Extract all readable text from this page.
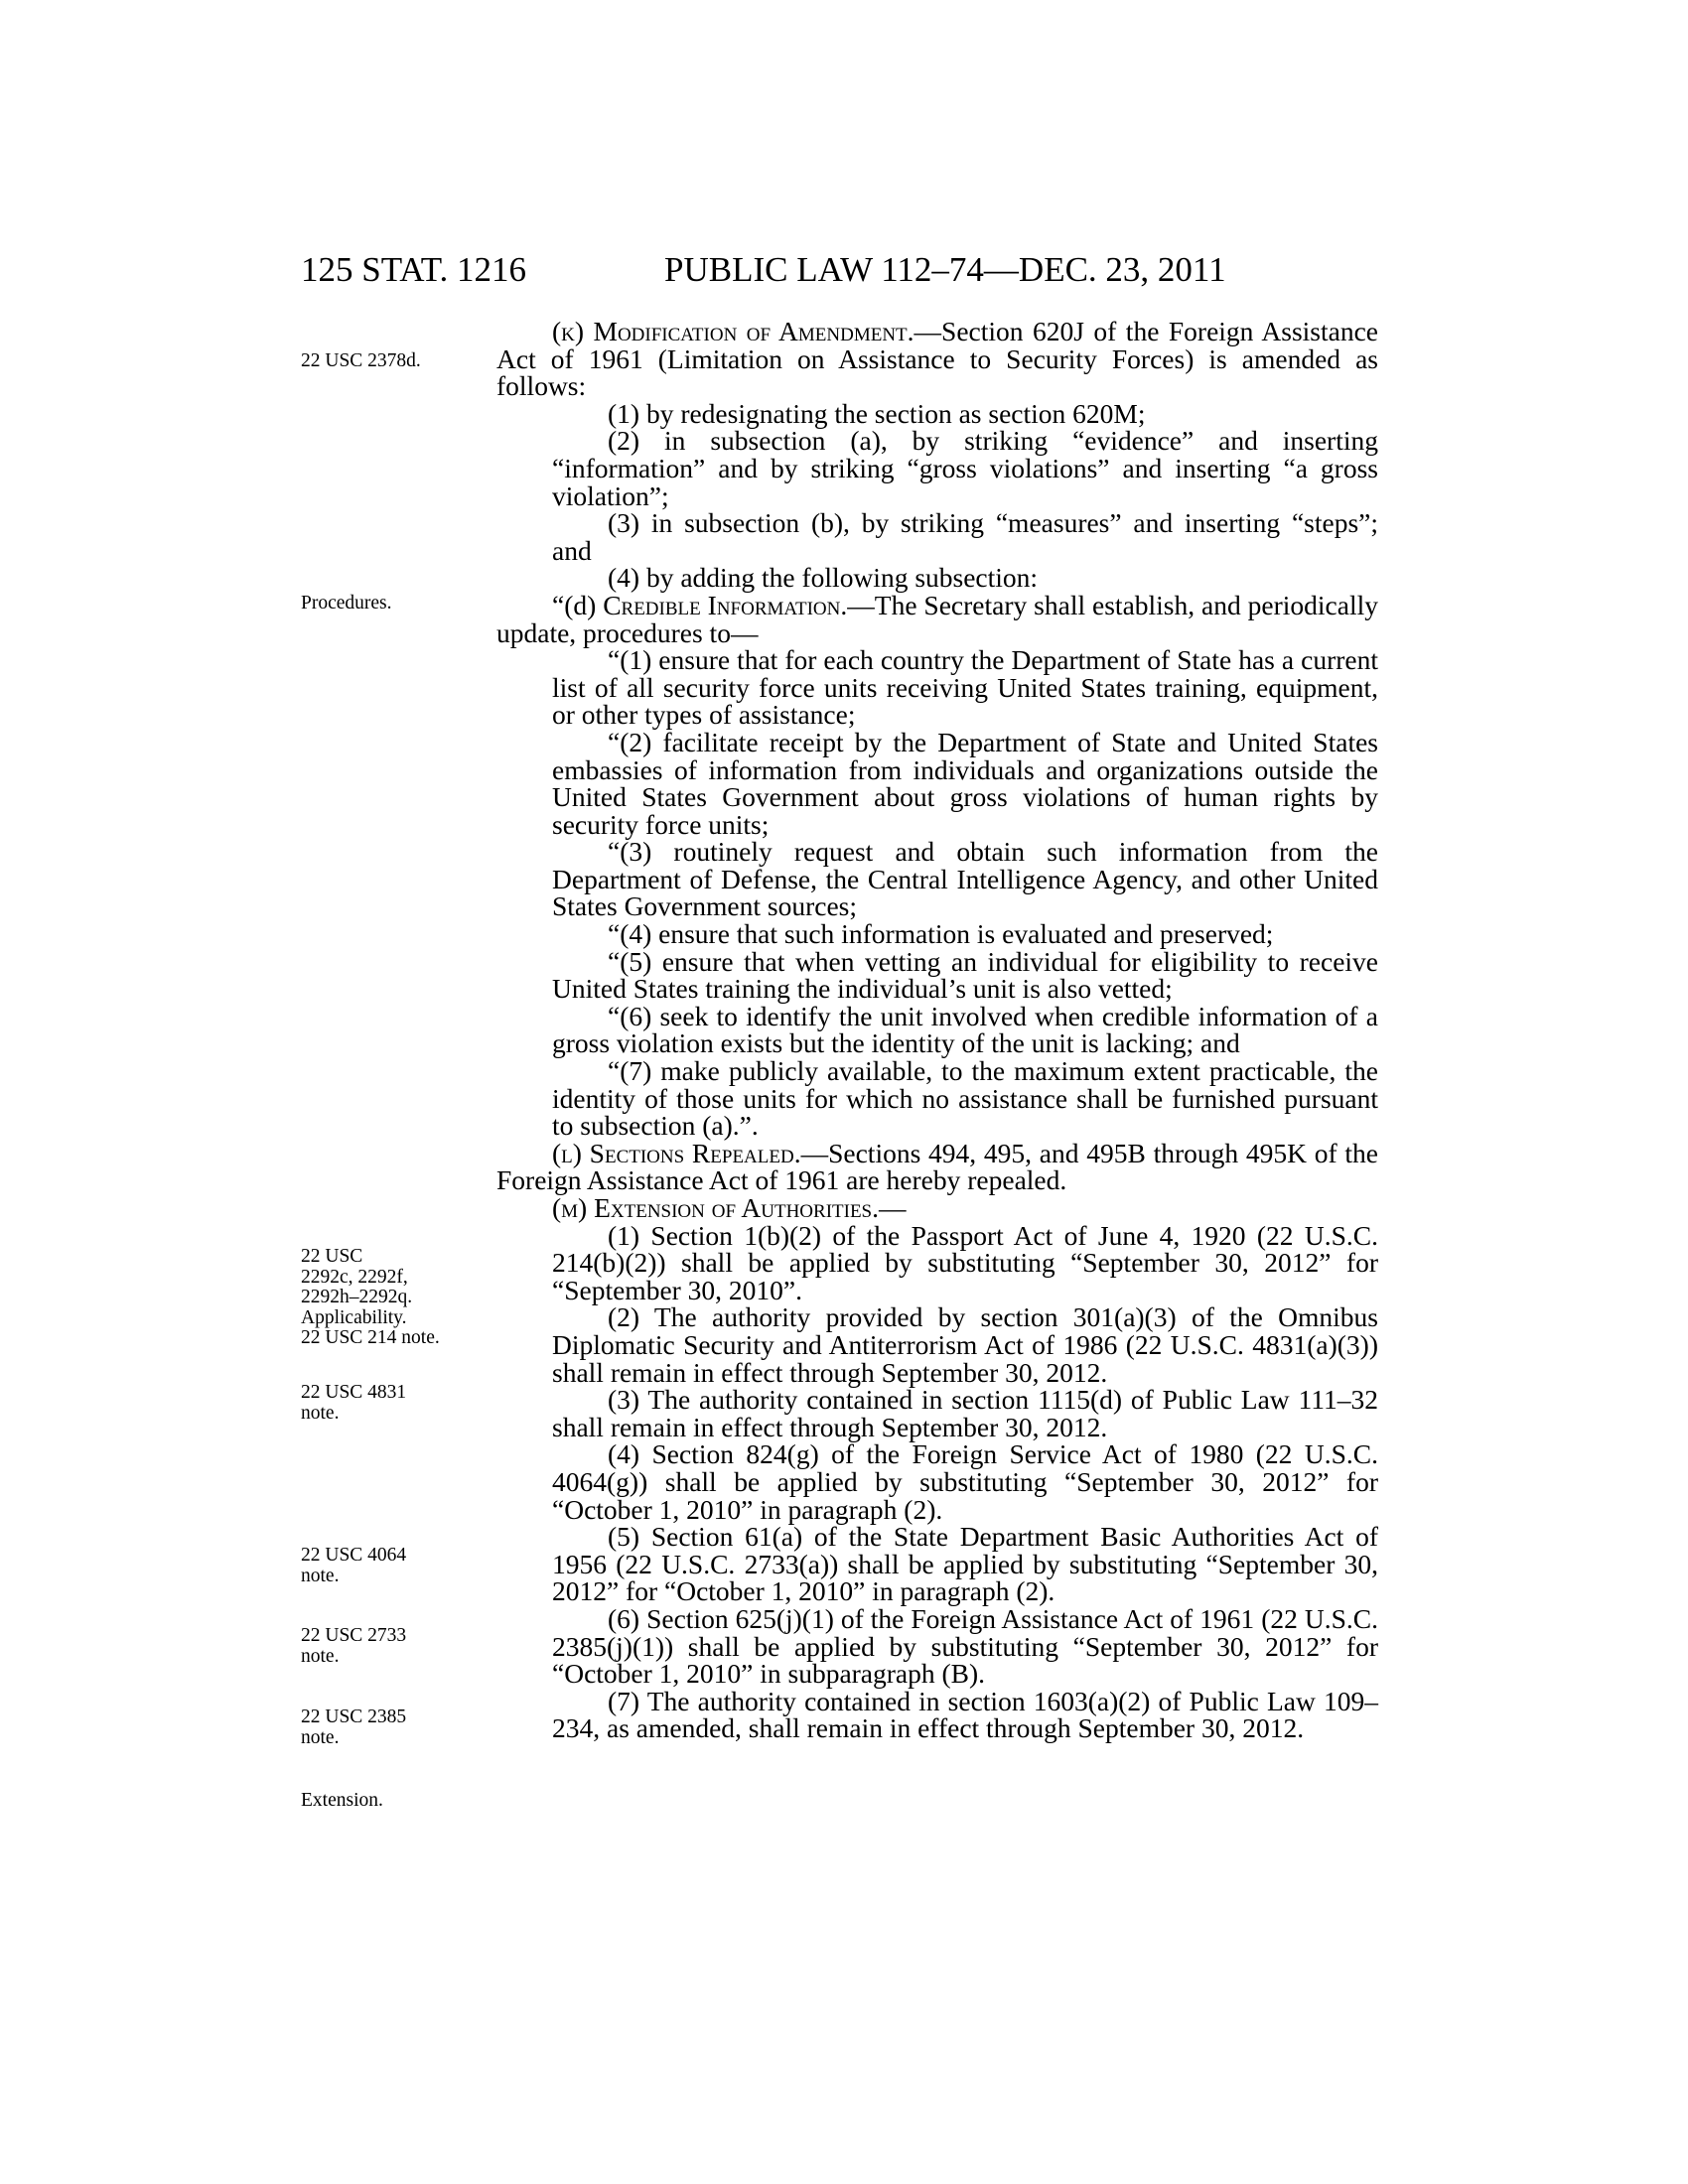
125 STAT. 1216	PUBLIC LAW 112–74—DEC. 23, 2011
22 USC 2378d.
Procedures.
22 USC
2292c, 2292f,
2292h–2292q.
Applicability.
22 USC 214 note.
22 USC 4831
note.
22 USC 4064
note.
22 USC 2733
note.
22 USC 2385
note.
Extension.

(k) Modification of Amendment.—Section 620J of the Foreign Assistance Act of 1961 (Limitation on Assistance to Security Forces) is amended as follows:

(1) by redesignating the section as section 620M;

(2) in subsection (a), by striking “evidence” and inserting “information” and by striking “gross violations” and inserting “a gross violation”;

(3) in subsection (b), by striking “measures” and inserting “steps”; and

(4) by adding the following subsection:

“(d) Credible Information.—The Secretary shall establish, and periodically update, procedures to—

“(1) ensure that for each country the Department of State has a current list of all security force units receiving United States training, equipment, or other types of assistance;

“(2) facilitate receipt by the Department of State and United States embassies of information from individuals and organizations outside the United States Government about gross violations of human rights by security force units;

“(3) routinely request and obtain such information from the Department of Defense, the Central Intelligence Agency, and other United States Government sources;

“(4) ensure that such information is evaluated and preserved;

“(5) ensure that when vetting an individual for eligibility to receive United States training the individual’s unit is also vetted;

“(6) seek to identify the unit involved when credible information of a gross violation exists but the identity of the unit is lacking; and

“(7) make publicly available, to the maximum extent practicable, the identity of those units for which no assistance shall be furnished pursuant to subsection (a).”.

(l) Sections Repealed.—Sections 494, 495, and 495B through 495K of the Foreign Assistance Act of 1961 are hereby repealed.

(m) Extension of Authorities.—

(1) Section 1(b)(2) of the Passport Act of June 4, 1920 (22 U.S.C. 214(b)(2)) shall be applied by substituting “September 30, 2012” for “September 30, 2010”.

(2) The authority provided by section 301(a)(3) of the Omnibus Diplomatic Security and Antiterrorism Act of 1986 (22 U.S.C. 4831(a)(3)) shall remain in effect through September 30, 2012.

(3) The authority contained in section 1115(d) of Public Law 111–32 shall remain in effect through September 30, 2012.

(4) Section 824(g) of the Foreign Service Act of 1980 (22 U.S.C. 4064(g)) shall be applied by substituting “September 30, 2012” for “October 1, 2010” in paragraph (2).

(5) Section 61(a) of the State Department Basic Authorities Act of 1956 (22 U.S.C. 2733(a)) shall be applied by substituting “September 30, 2012” for “October 1, 2010” in paragraph (2).

(6) Section 625(j)(1) of the Foreign Assistance Act of 1961 (22 U.S.C. 2385(j)(1)) shall be applied by substituting “September 30, 2012” for “October 1, 2010” in subparagraph (B).

(7) The authority contained in section 1603(a)(2) of Public Law 109–234, as amended, shall remain in effect through September 30, 2012.
